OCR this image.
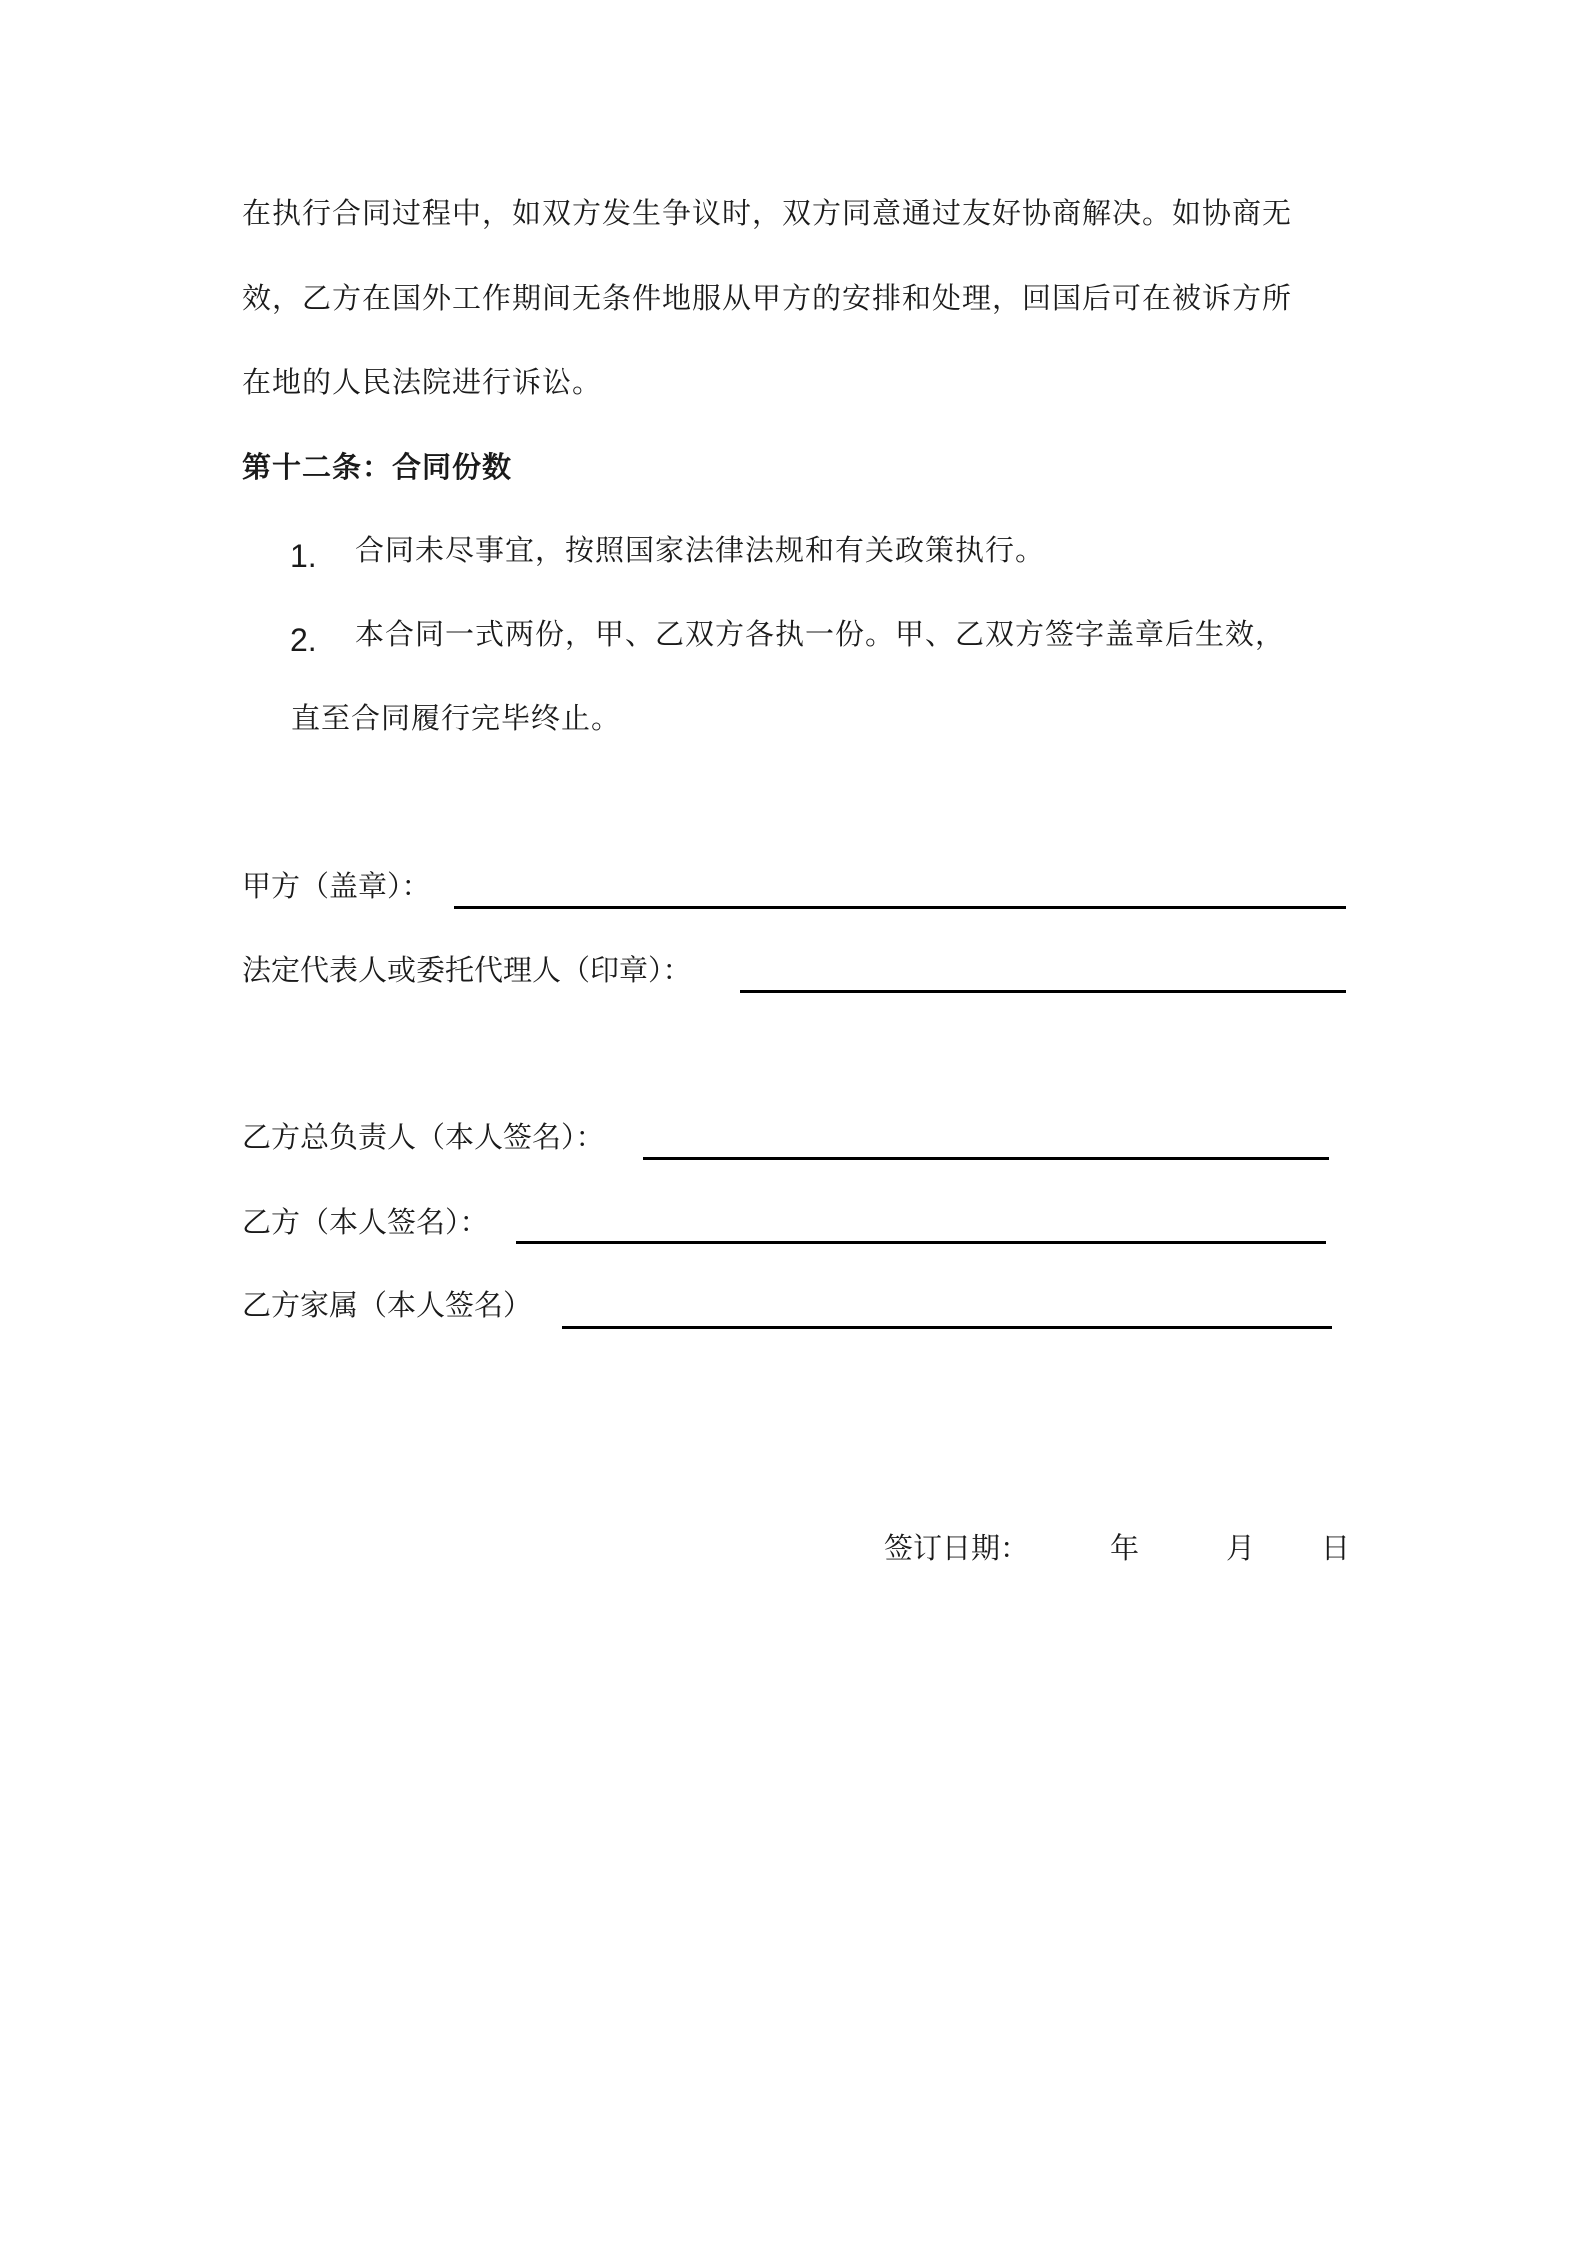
在执行合同过程中，如双方发生争议时，双方同意通过友好协商解决。如协商无
效，乙方在国外工作期间无条件地服从甲方的安排和处理，回国后可在被诉方所
在地的人民法院进行诉讼。
第十二条：合同份数
1. 合同未尽事宜，按照国家法律法规和有关政策执行。
2. 本合同一式两份，甲、乙双方各执一份。甲、乙双方签字盖章后生效，
直至合同履行完毕终止。
甲方（盖章）：
法定代表人或委托代理人（印章）：
乙方总负责人（本人签名）：
乙方（本人签名）：
乙方家属（本人签名）
签订日期：	年	月 日
